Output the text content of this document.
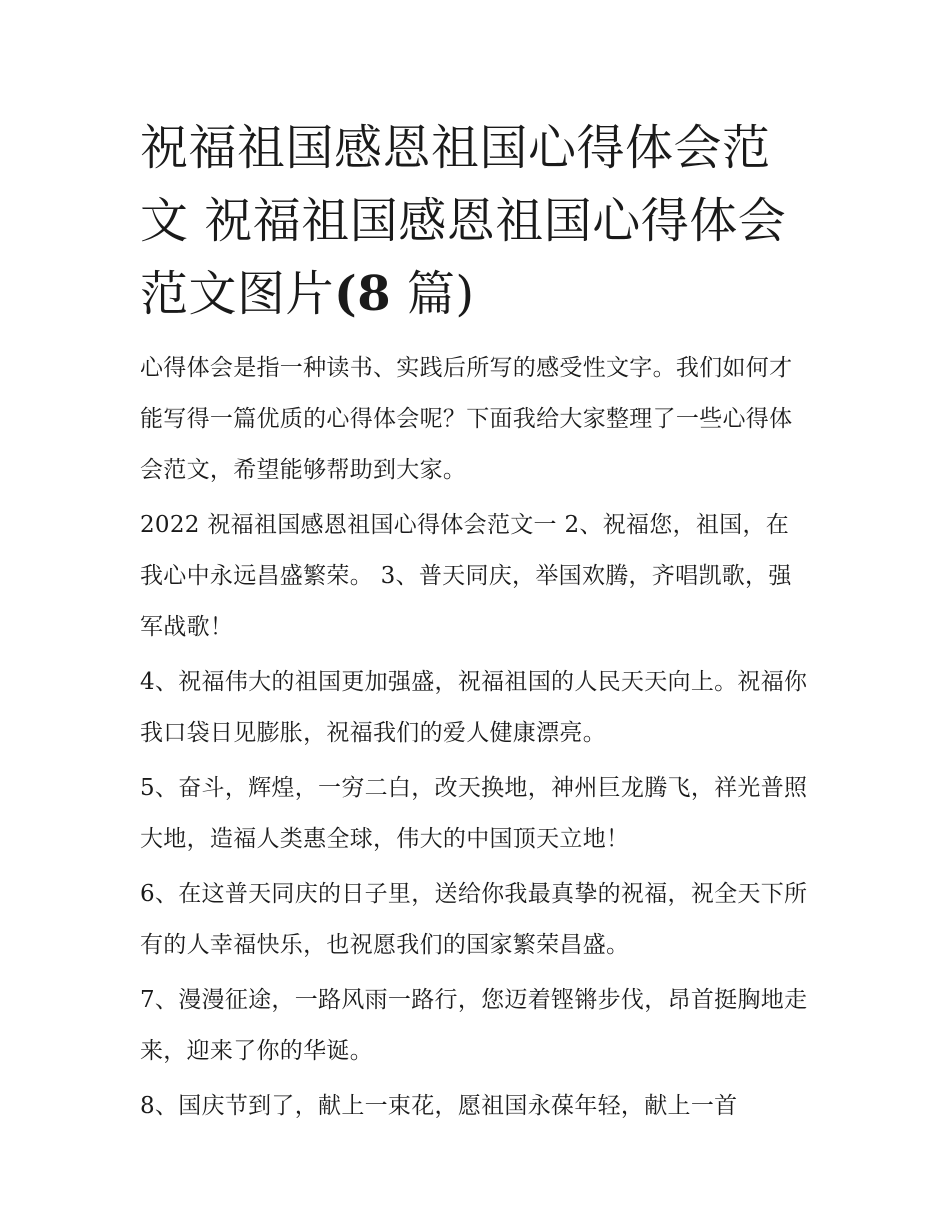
祝福祖国感恩祖国心得体会范文 祝福祖国感恩祖国心得体会范文图片(8 篇)

心得体会是指一种读书、实践后所写的感受性文字。我们如何才能写得一篇优质的心得体会呢？下面我给大家整理了一些心得体会范文，希望能够帮助到大家。

2022 祝福祖国感恩祖国心得体会范文一 2、祝福您，祖国，在我心中永远昌盛繁荣。 3、普天同庆，举国欢腾，齐唱凯歌，强军战歌！

4、祝福伟大的祖国更加强盛，祝福祖国的人民天天向上。祝福你我口袋日见膨胀，祝福我们的爱人健康漂亮。

5、奋斗，辉煌，一穷二白，改天换地，神州巨龙腾飞，祥光普照大地，造福人类惠全球，伟大的中国顶天立地！

6、在这普天同庆的日子里，送给你我最真挚的祝福，祝全天下所有的人幸福快乐，也祝愿我们的国家繁荣昌盛。

7、漫漫征途，一路风雨一路行，您迈着铿锵步伐，昂首挺胸地走来，迎来了你的华诞。

8、国庆节到了，献上一束花，愿祖国永葆年轻，献上一首
